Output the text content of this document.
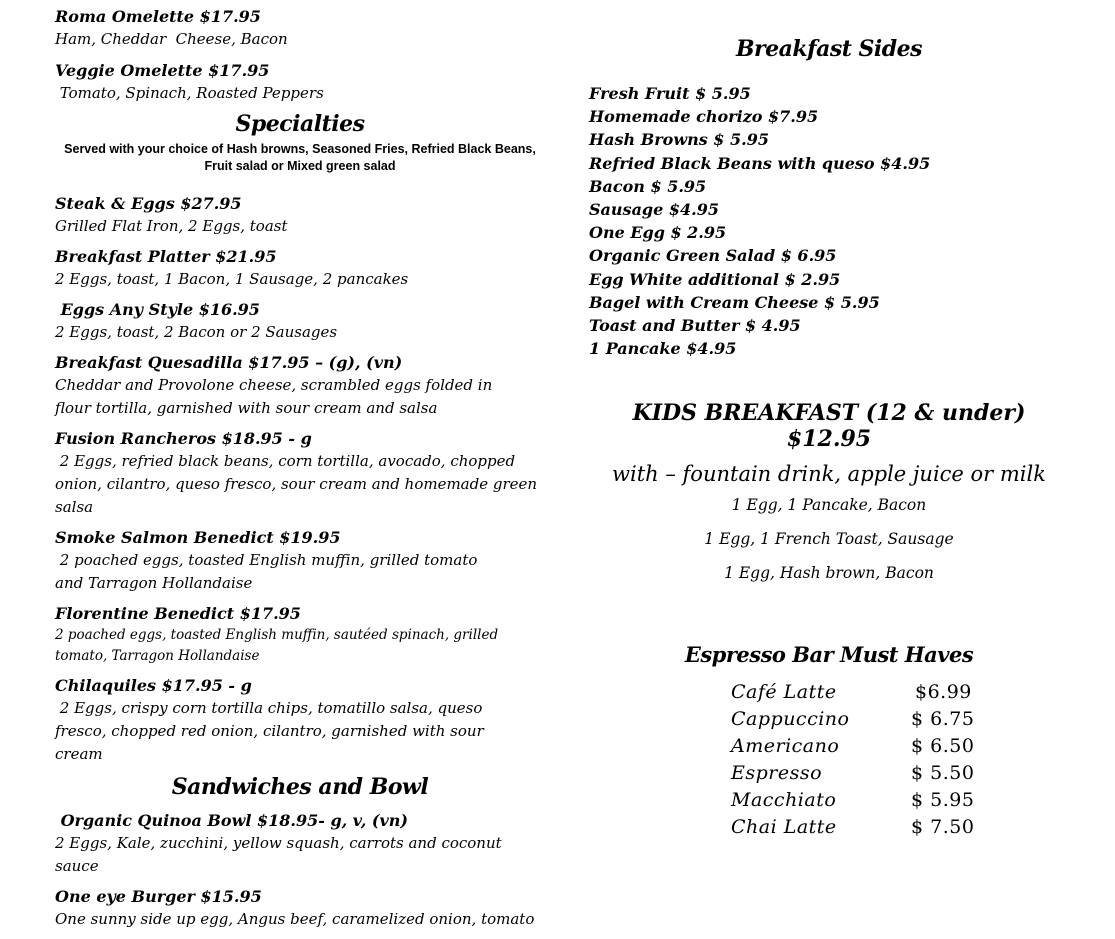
Roma Omelette $17.95
Ham, Cheddar  Cheese, Bacon
Veggie Omelette $17.95
Tomato, Spinach, Roasted Peppers
Specialties
Served with your choice of Hash browns, Seasoned Fries, Refried Black Beans, Fruit salad or Mixed green salad
Steak & Eggs $27.95
Grilled Flat Iron, 2 Eggs, toast
Breakfast Platter $21.95
2 Eggs, toast, 1 Bacon, 1 Sausage, 2 pancakes
Eggs Any Style $16.95
2 Eggs, toast, 2 Bacon or 2 Sausages
Breakfast Quesadilla $17.95 – (g), (vn)
Cheddar and Provolone cheese, scrambled eggs folded in flour tortilla, garnished with sour cream and salsa
Fusion Rancheros $18.95 - g
2 Eggs, refried black beans, corn tortilla, avocado, chopped onion, cilantro, queso fresco, sour cream and homemade green salsa
Smoke Salmon Benedict $19.95
2 poached eggs, toasted English muffin, grilled tomato and Tarragon Hollandaise
Florentine Benedict $17.95
2 poached eggs, toasted English muffin, sautéed spinach, grilled tomato, Tarragon Hollandaise
Chilaquiles $17.95 - g
2 Eggs, crispy corn tortilla chips, tomatillo salsa, queso fresco, chopped red onion, cilantro, garnished with sour cream
Sandwiches and Bowl
Organic Quinoa Bowl $18.95- g, v, (vn)
2 Eggs, Kale, zucchini, yellow squash, carrots and coconut sauce
One eye Burger $15.95
One sunny side up egg, Angus beef, caramelized onion, tomato
Breakfast Sides
Fresh Fruit $ 5.95
Homemade chorizo $7.95
Hash Browns $ 5.95
Refried Black Beans with queso $4.95
Bacon $ 5.95
Sausage $4.95
One Egg $ 2.95
Organic Green Salad $ 6.95
Egg White additional $ 2.95
Bagel with Cream Cheese $ 5.95
Toast and Butter $ 4.95
1 Pancake $4.95
KIDS BREAKFAST (12 & under) $12.95
with – fountain drink, apple juice or milk
1 Egg, 1 Pancake, Bacon
1 Egg, 1 French Toast, Sausage
1 Egg, Hash brown, Bacon
Espresso Bar Must Haves
Café Latte	$6.99
Cappuccino	$ 6.75
Americano	$ 6.50
Espresso	$ 5.50
Macchiato	$ 5.95
Chai Latte	$ 7.50
